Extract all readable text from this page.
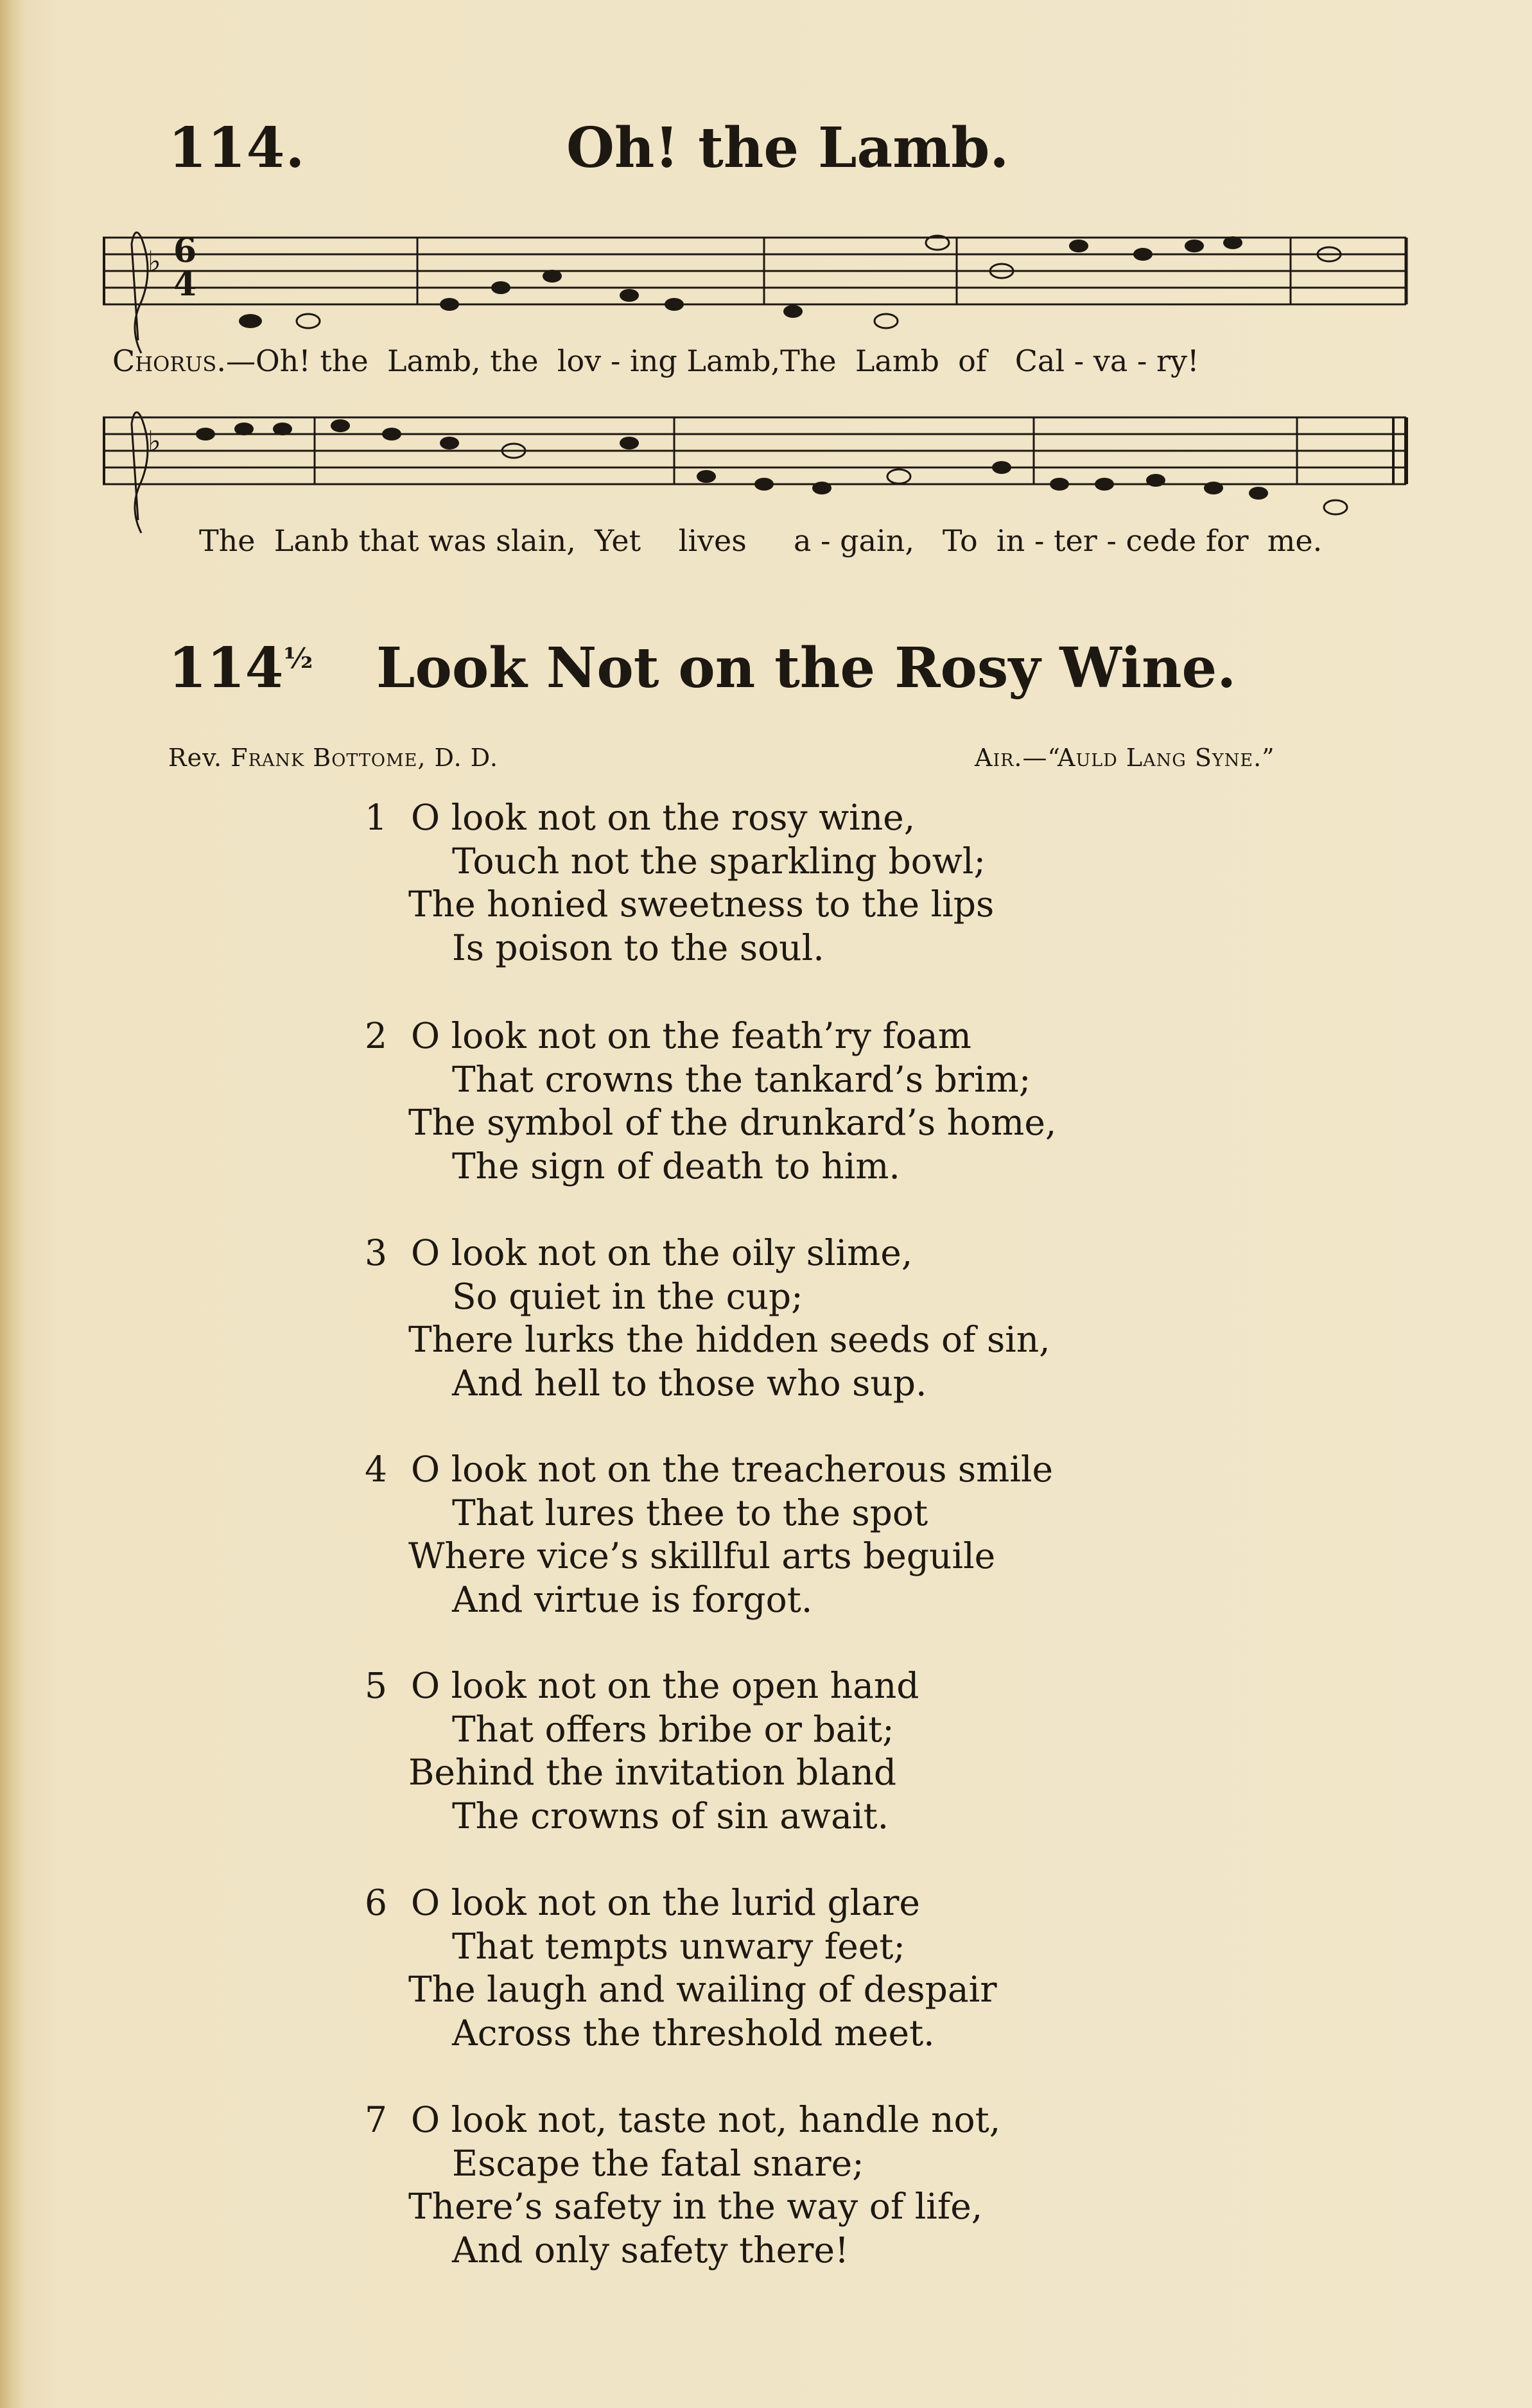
114.	Oh! the Lamb.
♭ 6
4
Chorus.—Oh! the  Lamb, the  lov - ing Lamb,The  Lamb  of   Cal - va - ry!
♭
The  Lanb that was slain,  Yet    lives     a - gain,   To  in - ter - cede for  me.
$114^{\frac{1}{2}}$ Look Not on the Rosy Wine.
Rev. Frank Bottome, D. D.	Air.—“Auld Lang Syne.”
1 O look not on the rosy wine,
Touch not the sparkling bowl;
The honied sweetness to the lips
Is poison to the soul.
2 O look not on the feath’ry foam
That crowns the tankard’s brim;
The symbol of the drunkard’s home,
The sign of death to him.
3 O look not on the oily slime,
So quiet in the cup;
There lurks the hidden seeds of sin,
And hell to those who sup.
4 O look not on the treacherous smile
That lures thee to the spot
Where vice’s skillful arts beguile
And virtue is forgot.
5 O look not on the open hand
That offers bribe or bait;
Behind the invitation bland
The crowns of sin await.
6 O look not on the lurid glare
That tempts unwary feet;
The laugh and wailing of despair
Across the threshold meet.
7 O look not, taste not, handle not,
Escape the fatal snare;
There’s safety in the way of life,
And only safety there!
